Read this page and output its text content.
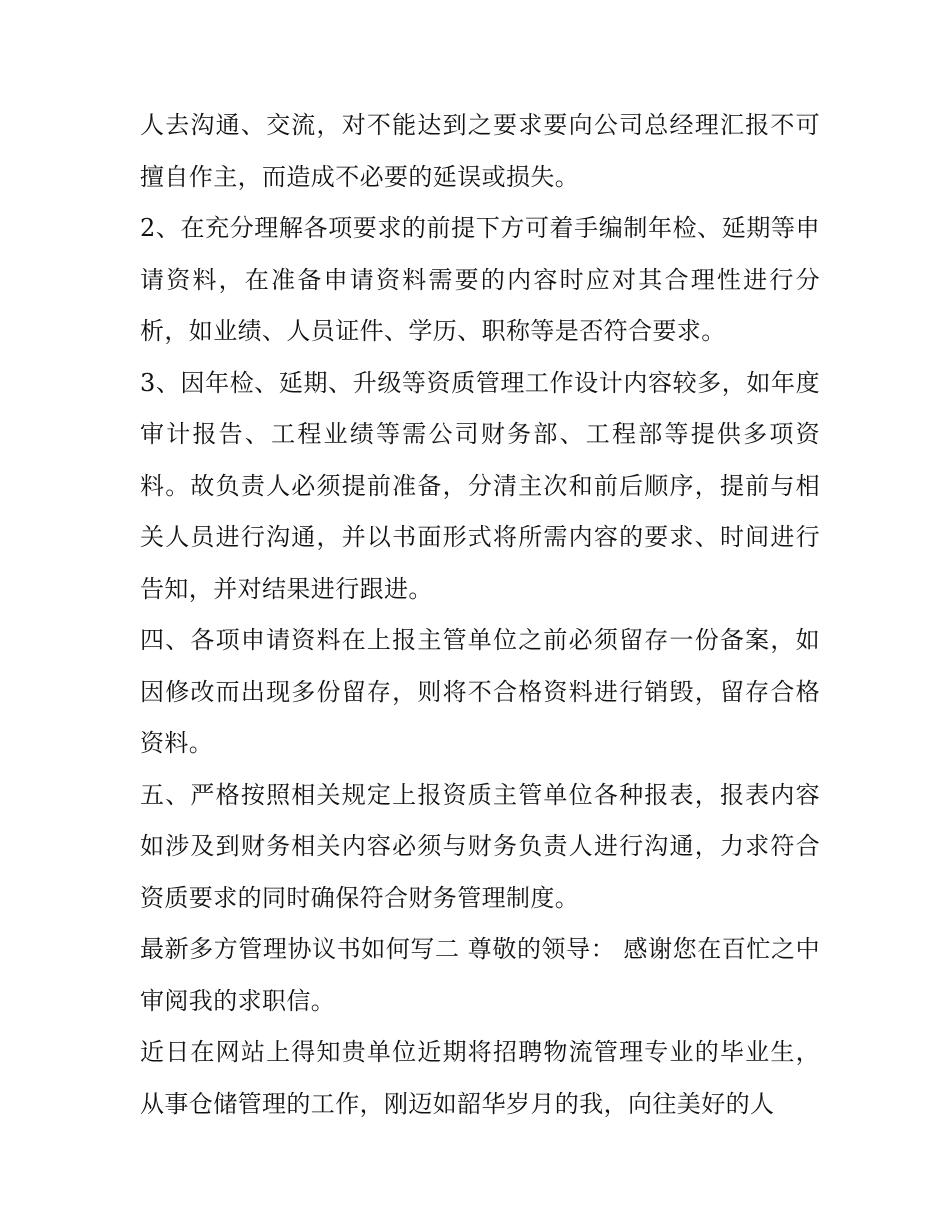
人去沟通、交流，对不能达到之要求要向公司总经理汇报不可擅自作主，而造成不必要的延误或损失。

2、在充分理解各项要求的前提下方可着手编制年检、延期等申请资料，在准备申请资料需要的内容时应对其合理性进行分析，如业绩、人员证件、学历、职称等是否符合要求。

3、因年检、延期、升级等资质管理工作设计内容较多，如年度审计报告、工程业绩等需公司财务部、工程部等提供多项资料。故负责人必须提前准备，分清主次和前后顺序，提前与相关人员进行沟通，并以书面形式将所需内容的要求、时间进行告知，并对结果进行跟进。

四、各项申请资料在上报主管单位之前必须留存一份备案，如因修改而出现多份留存，则将不合格资料进行销毁，留存合格资料。

五、严格按照相关规定上报资质主管单位各种报表，报表内容如涉及到财务相关内容必须与财务负责人进行沟通，力求符合资质要求的同时确保符合财务管理制度。

最新多方管理协议书如何写二 尊敬的领导： 感谢您在百忙之中审阅我的求职信。

近日在网站上得知贵单位近期将招聘物流管理专业的毕业生，从事仓储管理的工作，刚迈如韶华岁月的我，向往美好的人
